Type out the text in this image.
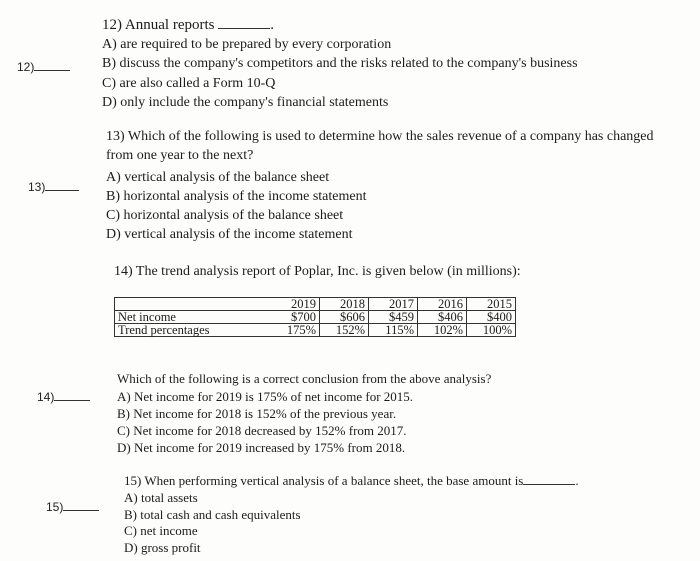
12)
12) Annual reports	.
A) are required to be prepared by every corporation
B) discuss the company's competitors and the risks related to the company's business
C) are also called a Form 10-Q
D) only include the company's financial statements
13)
13) Which of the following is used to determine how the sales revenue of a company has changed
from one year to the next?
A) vertical analysis of the balance sheet
B) horizontal analysis of the income statement
C) horizontal analysis of the balance sheet
D) vertical analysis of the income statement
14) The trend analysis report of Poplar, Inc. is given below (in millions):
	2019	2018	2017	2016	2015
Net income	$700	$606	$459	$406	$400
Trend percentages	175%	152%	115%	102%	100%
14)
Which of the following is a correct conclusion from the above analysis?
A) Net income for 2019 is 175% of net income for 2015.
B) Net income for 2018 is 152% of the previous year.
C) Net income for 2018 decreased by 152% from 2017.
D) Net income for 2019 increased by 175% from 2018.
15)
15) When performing vertical analysis of a balance sheet, the base amount is	.
A) total assets
B) total cash and cash equivalents
C) net income
D) gross profit
